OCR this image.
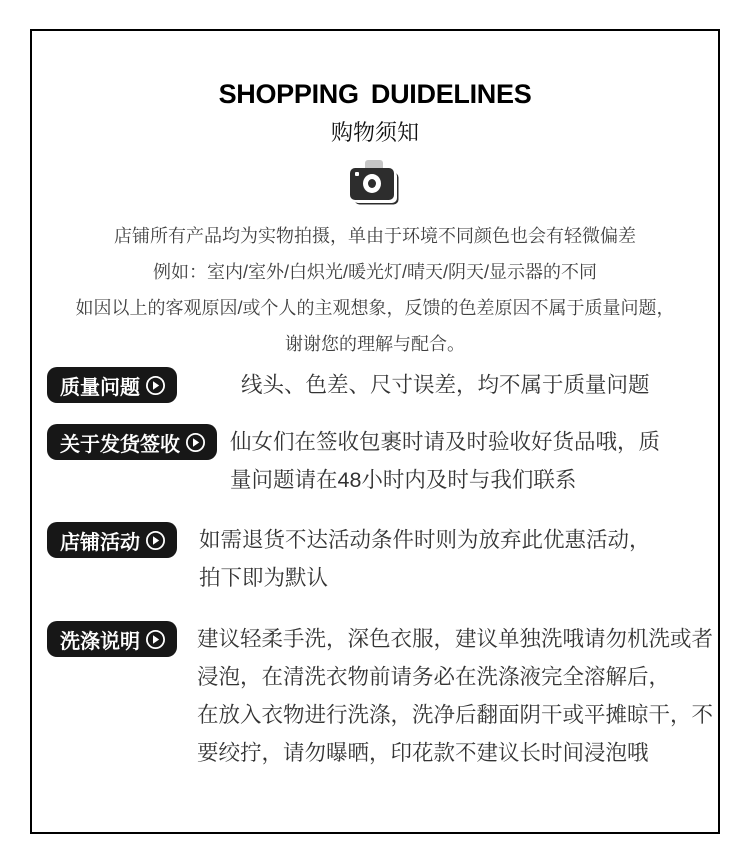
SHOPPING DUIDELINES
购物须知
店铺所有产品均为实物拍摄，单由于环境不同颜色也会有轻微偏差
例如：室内/室外/白炽光/暖光灯/晴天/阴天/显示器的不同
如因以上的客观原因/或个人的主观想象，反馈的色差原因不属于质量问题，
谢谢您的理解与配合。
质量问题	线头、色差、尺寸误差，均不属于质量问题
关于发货签收 仙女们在签收包裹时请及时验收好货品哦，质
量问题请在48小时内及时与我们联系
店铺活动	如需退货不达活动条件时则为放弃此优惠活动，
拍下即为默认
洗涤说明	建议轻柔手洗，深色衣服，建议单独洗哦请勿机洗或者
浸泡，在清洗衣物前请务必在洗涤液完全溶解后，
在放入衣物进行洗涤，洗净后翻面阴干或平摊晾干，不
要绞拧，请勿曝晒，印花款不建议长时间浸泡哦
